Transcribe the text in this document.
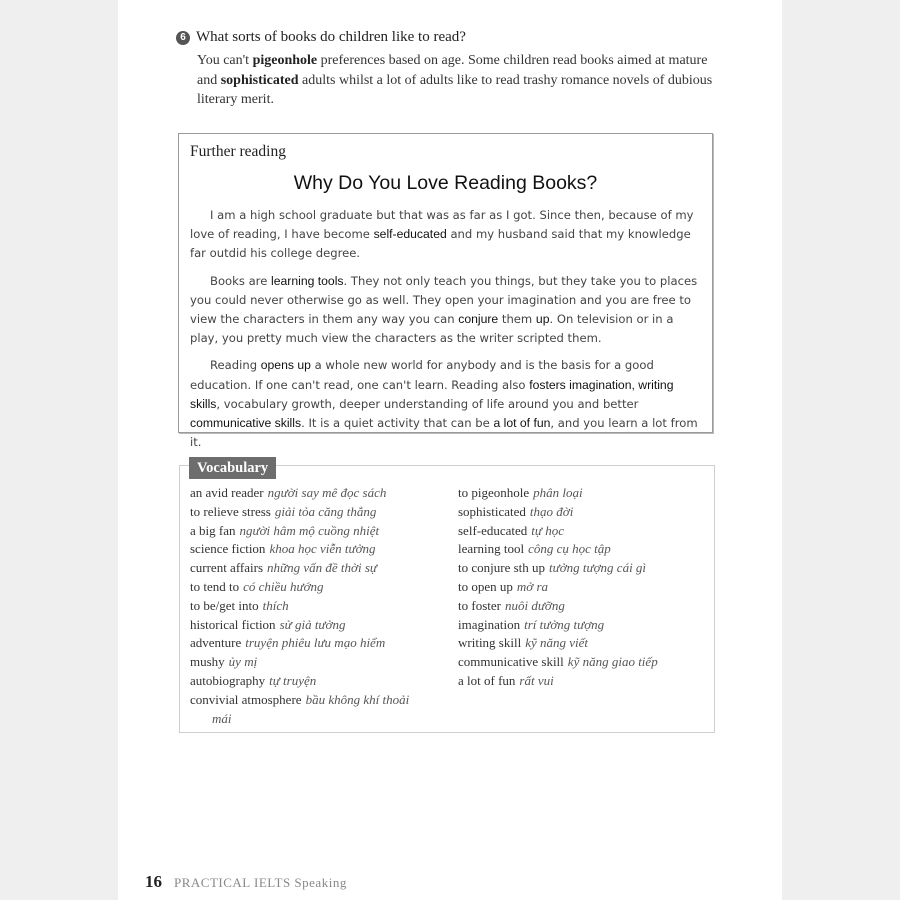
6 What sorts of books do children like to read?
You can't pigeonhole preferences based on age. Some children read books aimed at mature and sophisticated adults whilst a lot of adults like to read trashy romance novels of dubious literary merit.
Further reading
Why Do You Love Reading Books?

I am a high school graduate but that was as far as I got. Since then, because of my love of reading, I have become self-educated and my husband said that my knowledge far outdid his college degree.

Books are learning tools. They not only teach you things, but they take you to places you could never otherwise go as well. They open your imagination and you are free to view the characters in them any way you can conjure them up. On television or in a play, you pretty much view the characters as the writer scripted them.

Reading opens up a whole new world for anybody and is the basis for a good education. If one can't read, one can't learn. Reading also fosters imagination, writing skills, vocabulary growth, deeper understanding of life around you and better communicative skills. It is a quiet activity that can be a lot of fun, and you learn a lot from it.

Vocabulary
an avid reader người say mê đọc sách
to relieve stress giải tỏa căng thẳng
a big fan người hâm mộ cuồng nhiệt
science fiction khoa học viễn tưởng
current affairs những vấn đề thời sự
to tend to có chiều hướng
to be/get into thích
historical fiction sử giả tưởng
adventure truyện phiêu lưu mạo hiểm
mushy ủy mị
autobiography tự truyện
convivial atmosphere bầu không khí thoải
mái
to pigeonhole phân loại
sophisticated thạo đời
self-educated tự học
learning tool công cụ học tập
to conjure sth up tưởng tượng cái gì
to open up mở ra
to foster nuôi dưỡng
imagination trí tưởng tượng
writing skill kỹ năng viết
communicative skill kỹ năng giao tiếp
a lot of fun rất vui
16 PRACTICAL IELTS Speaking
